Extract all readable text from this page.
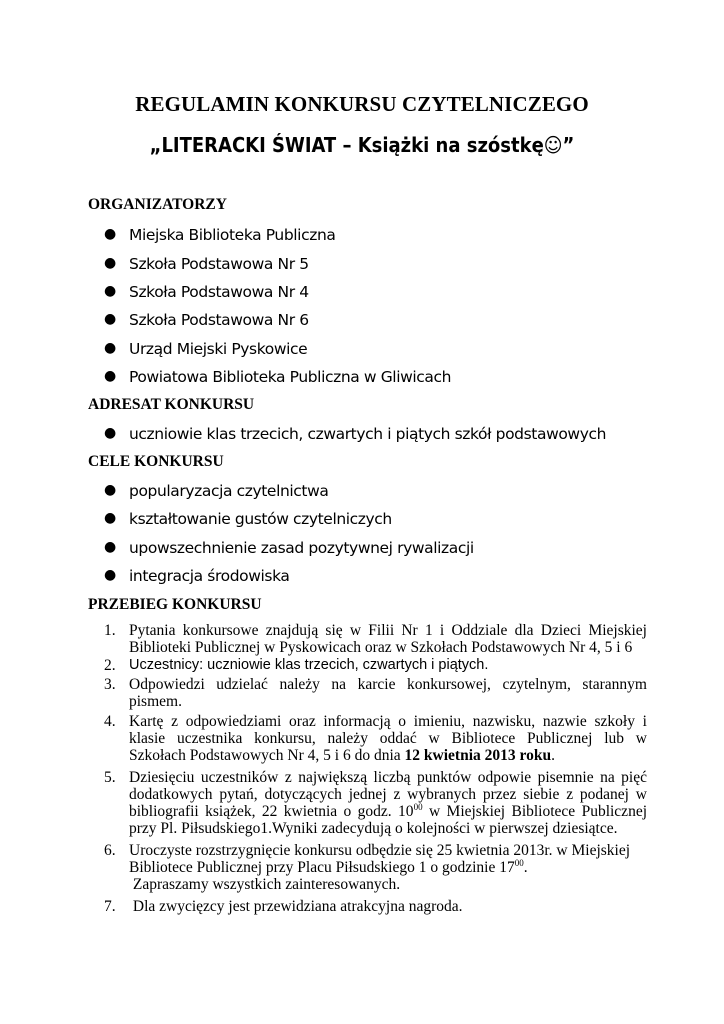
REGULAMIN KONKURSU CZYTELNICZEGO
„LITERACKI ŚWIAT – Książki na szóstkę☺”
ORGANIZATORZY
● Miejska Biblioteka Publiczna
● Szkoła Podstawowa Nr 5
● Szkoła Podstawowa Nr 4
● Szkoła Podstawowa Nr 6
● Urząd Miejski Pyskowice
● Powiatowa Biblioteka Publiczna w Gliwicach
ADRESAT KONKURSU
● uczniowie klas trzecich, czwartych i piątych szkół podstawowych
CELE KONKURSU
● popularyzacja czytelnictwa
● kształtowanie gustów czytelniczych
● upowszechnienie zasad pozytywnej rywalizacji
● integracja środowiska
PRZEBIEG KONKURSU
1. Pytania konkursowe znajdują się w Filii Nr 1 i Oddziale dla Dzieci Miejskiej
Biblioteki Publicznej w Pyskowicach oraz w Szkołach Podstawowych Nr 4, 5 i 6
2. Uczestnicy: uczniowie klas trzecich, czwartych i piątych.
3. Odpowiedzi udzielać należy na karcie konkursowej, czytelnym, starannym
pismem.
4. Kartę z odpowiedziami oraz informacją o imieniu, nazwisku, nazwie szkoły i
klasie uczestnika konkursu, należy oddać w Bibliotece Publicznej lub w
Szkołach Podstawowych Nr 4, 5 i 6 do dnia 12 kwietnia 2013 roku.
5. Dziesięciu uczestników z największą liczbą punktów odpowie pisemnie na pięć
dodatkowych pytań, dotyczących jednej z wybranych przez siebie z podanej w
bibliografii książek, 22 kwietnia o godz. $10^{00}$ w Miejskiej Bibliotece Publicznej
przy Pl. Piłsudskiego1.Wyniki zadecydują o kolejności w pierwszej dziesiątce.
6. Uroczyste rozstrzygnięcie konkursu odbędzie się 25 kwietnia 2013r. w Miejskiej
Bibliotece Publicznej przy Placu Piłsudskiego 1 o godzinie $17^{00}$.
Zapraszamy wszystkich zainteresowanych.
7. Dla zwycięzcy jest przewidziana atrakcyjna nagroda.
